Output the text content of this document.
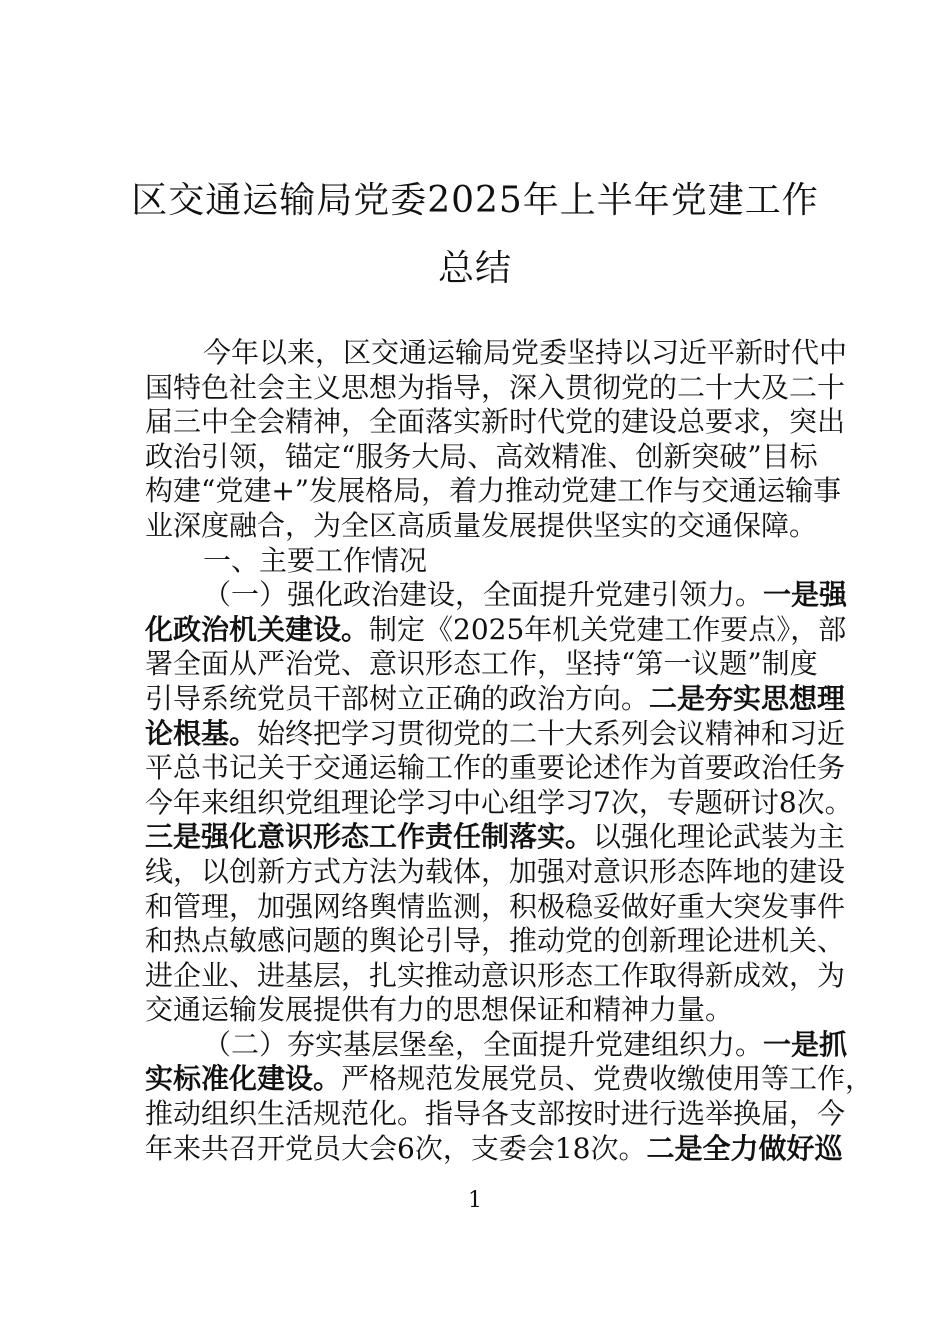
区交通运输局党委2025年上半年党建工作
总结
今年以来，区交通运输局党委坚持以习近平新时代中
国特色社会主义思想为指导，深入贯彻党的二十大及二十
届三中全会精神，全面落实新时代党的建设总要求，突出
政治引领，锚定“服务大局、高效精准、创新突破”目标
构建“党建+”发展格局，着力推动党建工作与交通运输事
业深度融合，为全区高质量发展提供坚实的交通保障。
一、主要工作情况
（一）强化政治建设，全面提升党建引领力。一是强
化政治机关建设。制定《2025年机关党建工作要点》，部
署全面从严治党、意识形态工作，坚持“第一议题”制度
引导系统党员干部树立正确的政治方向。二是夯实思想理
论根基。始终把学习贯彻党的二十大系列会议精神和习近
平总书记关于交通运输工作的重要论述作为首要政治任务
今年来组织党组理论学习中心组学习7次，专题研讨8次。
三是强化意识形态工作责任制落实。以强化理论武装为主
线，以创新方式方法为载体，加强对意识形态阵地的建设
和管理，加强网络舆情监测，积极稳妥做好重大突发事件
和热点敏感问题的舆论引导，推动党的创新理论进机关、
进企业、进基层，扎实推动意识形态工作取得新成效，为
交通运输发展提供有力的思想保证和精神力量。
（二）夯实基层堡垒，全面提升党建组织力。一是抓
实标准化建设。严格规范发展党员、党费收缴使用等工作，
推动组织生活规范化。指导各支部按时进行选举换届，今
年来共召开党员大会6次，支委会18次。二是全力做好巡
1
